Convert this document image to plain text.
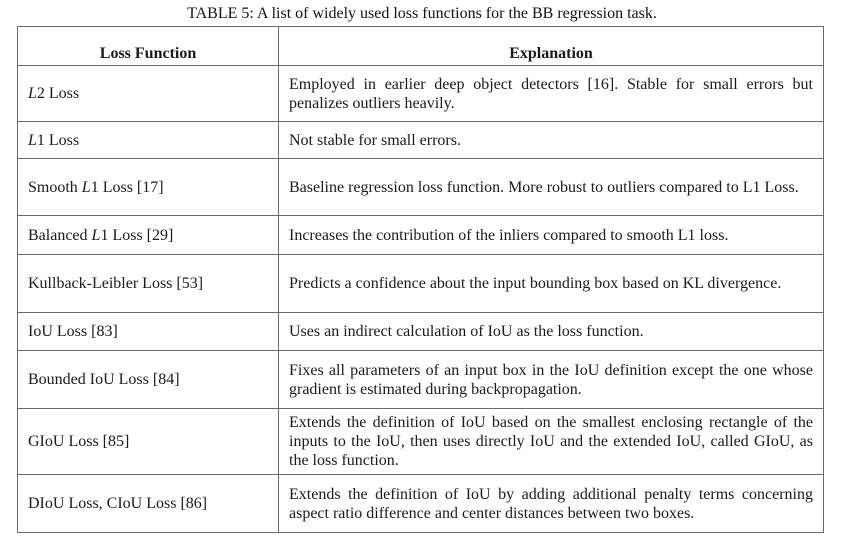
TABLE 5: A list of widely used loss functions for the BB regression task.
Loss Function	Explanation
L2 Loss	Employed in earlier deep object detectors [16]. Stable for small errors but penalizes outliers heavily.
L1 Loss	Not stable for small errors.
Smooth L1 Loss [17]	Baseline regression loss function. More robust to outliers compared to L1 Loss.
Balanced L1 Loss [29]	Increases the contribution of the inliers compared to smooth L1 loss.
Kullback-Leibler Loss [53]	Predicts a confidence about the input bounding box based on KL divergence.
IoU Loss [83]	Uses an indirect calculation of IoU as the loss function.
Bounded IoU Loss [84]	Fixes all parameters of an input box in the IoU definition except the one whose gradient is estimated during backpropagation.
GIoU Loss [85]	Extends the definition of IoU based on the smallest enclosing rectangle of the inputs to the IoU, then uses directly IoU and the extended IoU, called GIoU, as the loss function.
DIoU Loss, CIoU Loss [86]	Extends the definition of IoU by adding additional penalty terms concerning aspect ratio difference and center distances between two boxes.
